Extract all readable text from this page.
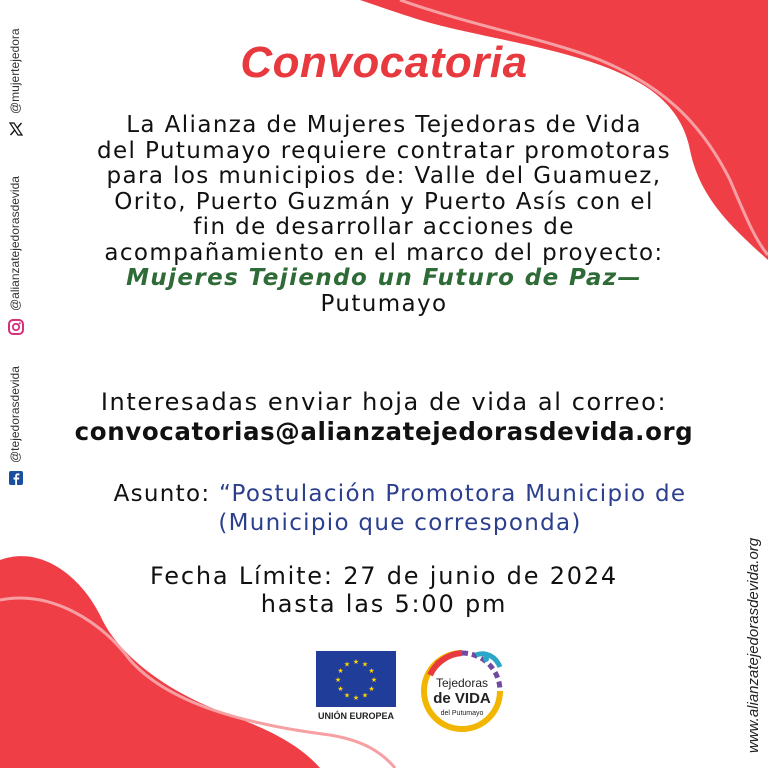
Convocatoria
La Alianza de Mujeres Tejedoras de Vida
del Putumayo requiere contratar promotoras
para los municipios de: Valle del Guamuez,
Orito, Puerto Guzmán y Puerto Asís con el
fin de desarrollar acciones de
acompañamiento en el marco del proyecto:
Mujeres Tejiendo un Futuro de Paz—
Putumayo
Interesadas enviar hoja de vida al correo:
convocatorias@alianzatejedorasdevida.org
Asunto: “Postulación Promotora Municipio de
(Municipio que corresponda)
Fecha Límite: 27 de junio de 2024
hasta las 5:00 pm
@tejedorasdevida
@alianzatejedorasdevida
@mujertejedora
www.alianzatejedorasdevida.org
★ ★
★
★
★
★
★
★
★
★
★
★
UNIÓN EUROPEA
Tejedoras
de VIDA
del Putumayo
